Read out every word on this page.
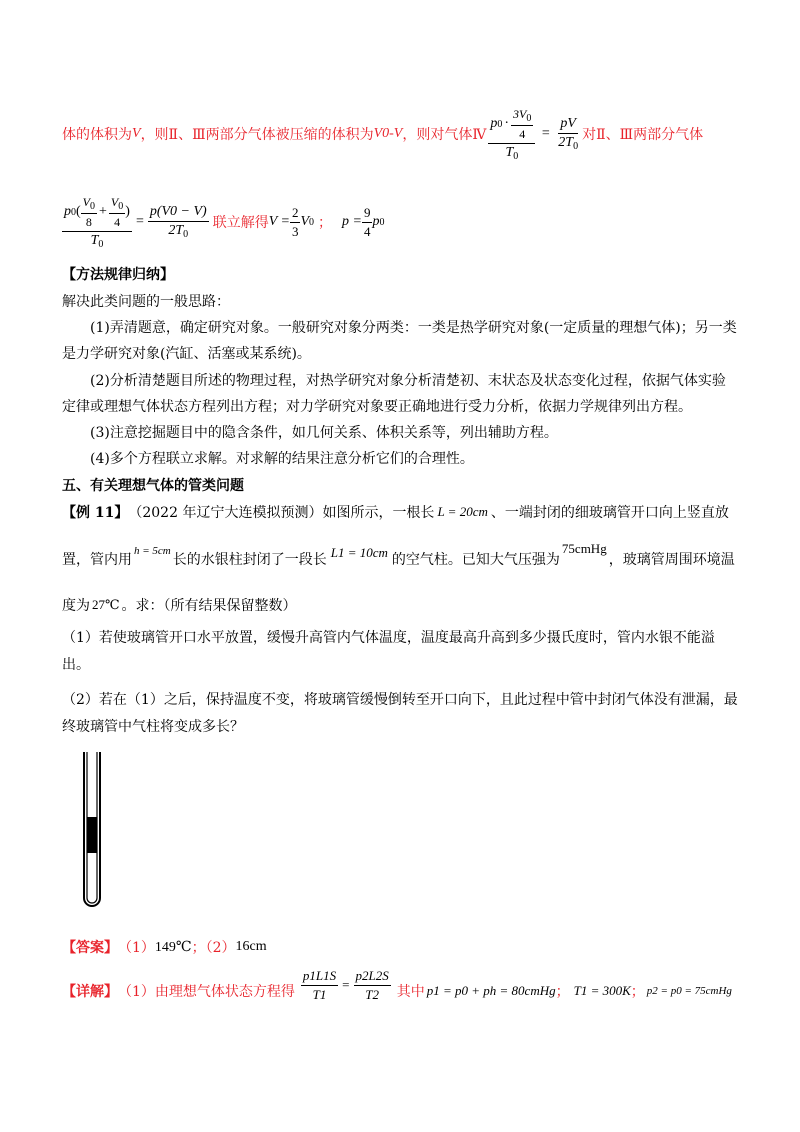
体的体积为 V ，则Ⅱ、Ⅲ两部分气体被压缩的体积为 V0-V ，则对气体Ⅳ $\frac{p 0 \cdot \frac{3V_0}{4}}{T_0} = \frac{pV}{2T_0}$ 对Ⅱ、Ⅲ两部分气体
p 0 ( $\frac{V_0}{8} + \frac{V_0}{4}$ )
$T_0$
= $\frac{p(V0 - V)}{2T_0}$ 联立解得 $V = \frac{2}{3}$ V 0 ； $p = \frac{9}{4}$ p 0
【方法规律归纳】
解决此类问题的一般思路：
(1)弄清题意，确定研究对象。一般研究对象分两类：一类是热学研究对象(一定质量的理想气体)；另一类
是力学研究对象(汽缸、活塞或某系统)。
(2)分析清楚题目所述的物理过程，对热学研究对象分析清楚初、末状态及状态变化过程，依据气体实验
定律或理想气体状态方程列出方程；对力学研究对象要正确地进行受力分析，依据力学规律列出方程。
(3)注意挖掘题目中的隐含条件，如几何关系、体积关系等，列出辅助方程。
(4)多个方程联立求解。对求解的结果注意分析它们的合理性。
五、有关理想气体的管类问题
【例 11】 （2022 年辽宁大连模拟预测）如图所示，一根长 L = 20cm 、一端封闭的细玻璃管开口向上竖直放
置，管内用
h = 5cm
长的水银柱封闭了一段长 L1 = 10cm 的空气柱。已知大气压强为
75cmHg
，玻璃管周围环境温
度为 27℃ 。求：（所有结果保留整数）
（1）若使玻璃管开口水平放置，缓慢升高管内气体温度，温度最高升高到多少摄氏度时，管内水银不能溢
出。
（2）若在（1）之后，保持温度不变，将玻璃管缓慢倒转至开口向下，且此过程中管中封闭气体没有泄漏，最
终玻璃管中气柱将变成多长？
【答案】 （1） 149℃ ；（2） 16cm
【详解】 （1）由理想气体状态方程得 $\frac{p1L1S}{T1} = \frac{p2L2S}{T2}$ 其中 p1 = p0 + ph = 80cmHg ； T1 = 300K ； p2 = p0 = 75cmHg
